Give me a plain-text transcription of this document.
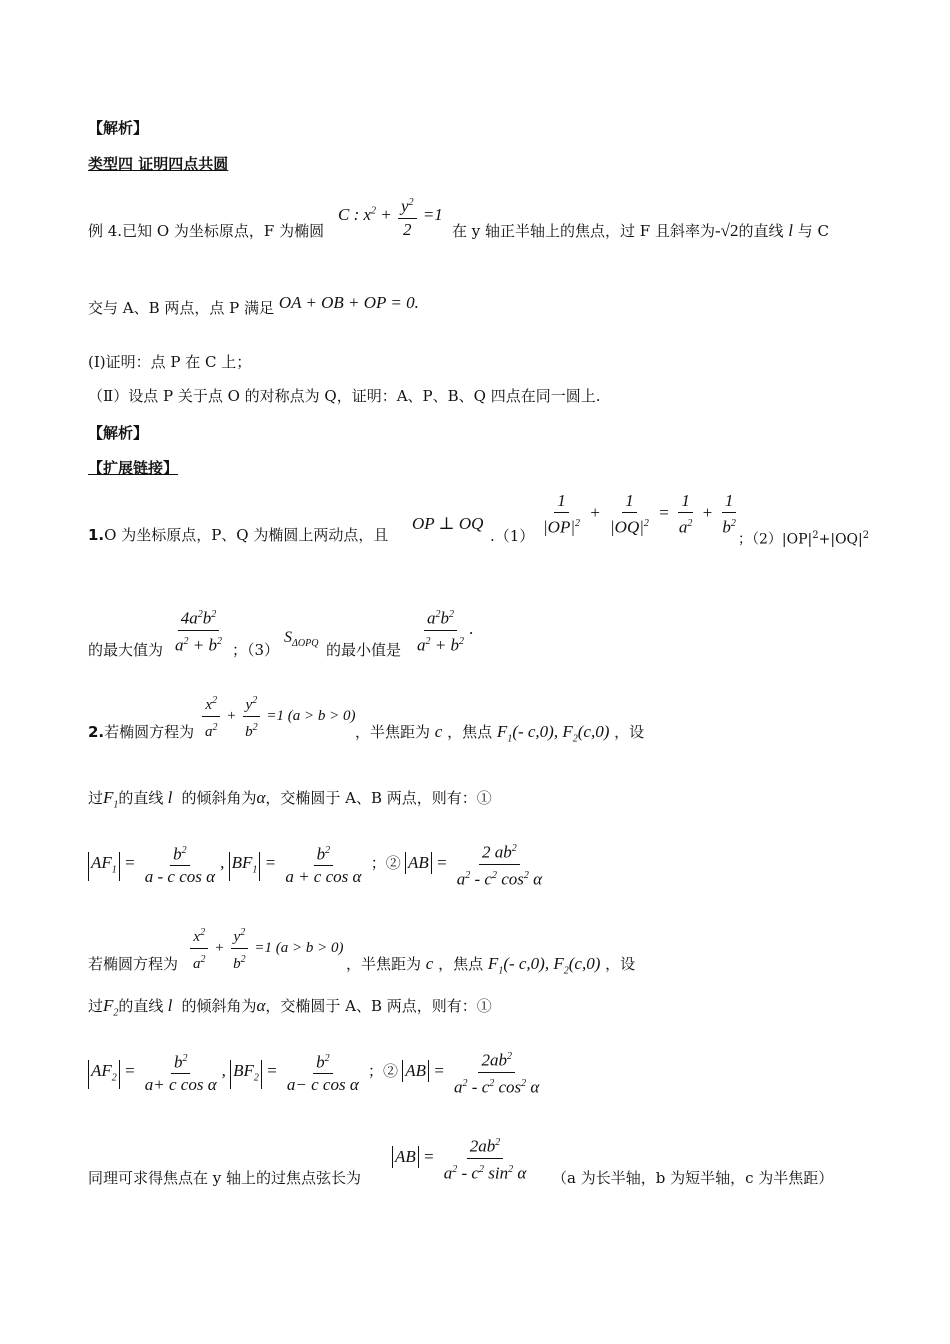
【解析】
类型四 证明四点共圆
例 4.已知 O 为坐标原点，F 为椭圆
C : $x^2 + \frac{y^2}{2} =1$
在 y 轴正半轴上的焦点，过 F 且斜率为-√2的直线 l 与 C
交与 A、B 两点，点 P 满足 OA + OB + OP = 0.
(I)证明：点 P 在 C 上；
（Ⅱ）设点 P 关于点 O 的对称点为 Q，证明：A、P、B、Q 四点在同一圆上.
【解析】
【扩展链接】
1.O 为坐标原点，P、Q 为椭圆上两动点，且
OP ⊥ OQ
$.(1) \frac{1}{|OP|^2} + \frac{1}{|OQ|^2} = \frac{1}{a^2} + \frac{1}{b^2}$
；$(2)|OP|^2+|OQ|^2$
$\frac{4a^2b^2}{a^2 + b^2}$
的最大值为	；（3）
$S_{\Delta OPQ}$ 的最小值是 $\frac{a^2b^2}{a^2 + b^2}$ .
2.若椭圆方程为 $\frac{x^2}{a^2} + \frac{y^2}{b^2} =1$ (a > b > 0)
，半焦距为 c ，焦点 $F_1(-$ c,0), $F_2(c,0)$ ，设
过$F_1$的直线 l  的倾斜角为α，交椭圆于 A、B 两点，则有：①
$AF_1 = \frac{b^2}{\text{a - c cos α}}$ , $BF_1 = \frac{b^2}{\text{a + c cos α}}$ ；② AB = $\frac{2 ab^2}{a^2 - c^2 \cos^2 \alpha}$
若椭圆方程为 $\frac{x^2}{a^2} + \frac{y^2}{b^2} =1$ (a > b > 0)
，半焦距为 c ，焦点 $F_1(-$ c,0), $F_2(c,0)$ ，设
过$F_2$的直线 l  的倾斜角为α，交椭圆于 A、B 两点，则有：①
$AF_2 = \frac{b^2}{\text{a+ c cos α}}$ , $BF_2 = \frac{b^2}{\text{a− c cos α}}$ ；② AB = $\frac{2ab^2}{a^2 - c^2 \cos^2 \alpha}$
同理可求得焦点在 y 轴上的过焦点弦长为
AB = $\frac{2ab^2}{a^2 - c^2 \sin^2 \alpha} (a$ 为长半轴，b 为短半轴，c 为半焦距）
